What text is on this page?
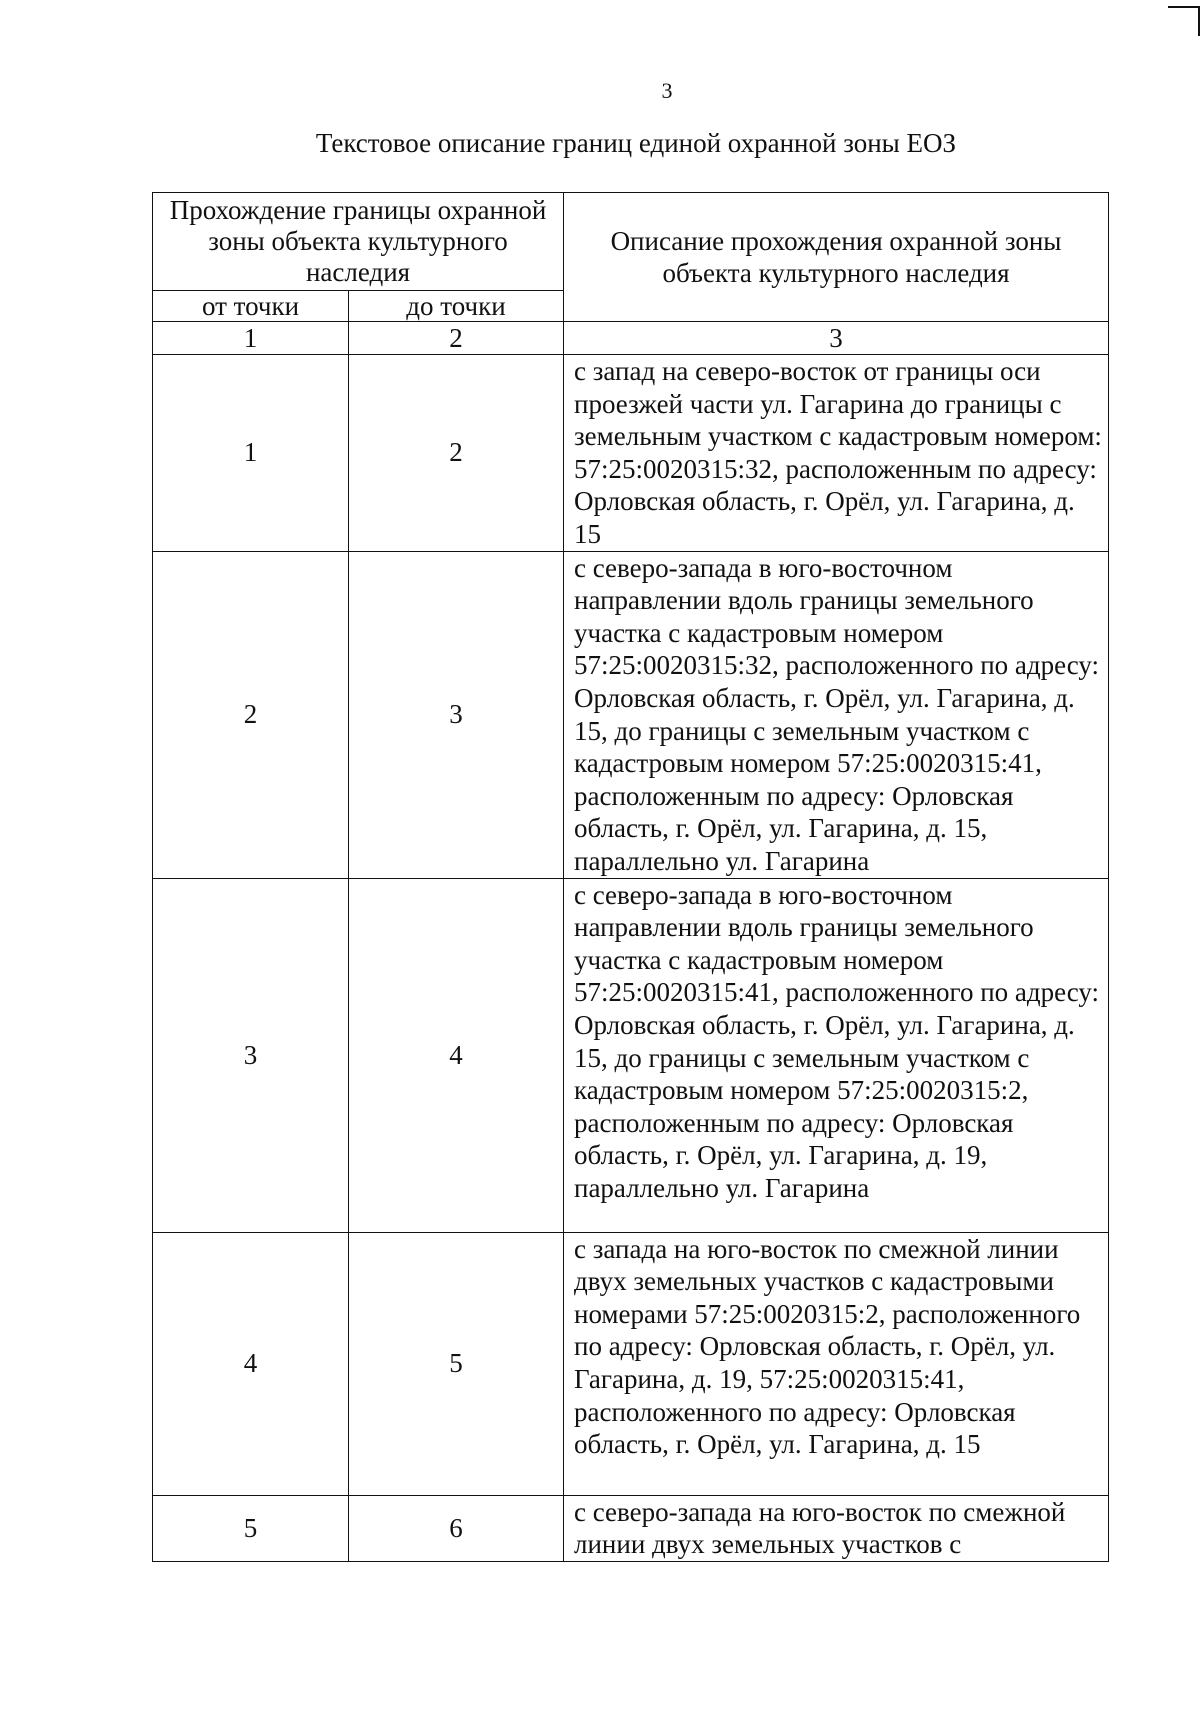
3
Текстовое описание границ единой охранной зоны ЕОЗ
Прохождение границы охранной зоны объекта культурного наследия		Описание прохождения охранной зоны объекта культурного наследия
от точки	до точки	
1	2	3
1	2	с запад на северо-восток от границы оси проезжей части ул. Гагарина до границы с земельным участком с кадастровым номером: 57:25:0020315:32, расположенным по адресу: Орловская область, г. Орёл, ул. Гагарина, д. 15

2	3	с северо-запада в юго-восточном направлении вдоль границы земельного участка с кадастровым номером 57:25:0020315:32, расположенного по адресу: Орловская область, г. Орёл, ул. Гагарина, д. 15, до границы с земельным участком с кадастровым номером 57:25:0020315:41,  расположенным по адресу: Орловская область, г. Орёл, ул. Гагарина, д. 15, параллельно ул. Гагарина

3	4	с северо-запада в юго-восточном направлении вдоль границы земельного участка с кадастровым номером 57:25:0020315:41, расположенного по адресу: Орловская область, г. Орёл, ул. Гагарина, д. 15, до границы с земельным участком с кадастровым номером 57:25:0020315:2, расположенным по адресу: Орловская область, г. Орёл, ул. Гагарина, д. 19, параллельно ул. Гагарина

4	5	с запада на юго-восток по смежной линии двух земельных участков с кадастровыми номерами 57:25:0020315:2, расположенного по адресу: Орловская область, г. Орёл, ул. Гагарина, д. 19, 57:25:0020315:41, расположенного по адресу: Орловская область, г. Орёл, ул. Гагарина, д. 15

5	6	с северо-запада на юго-восток по смежной линии двух земельных участков с
